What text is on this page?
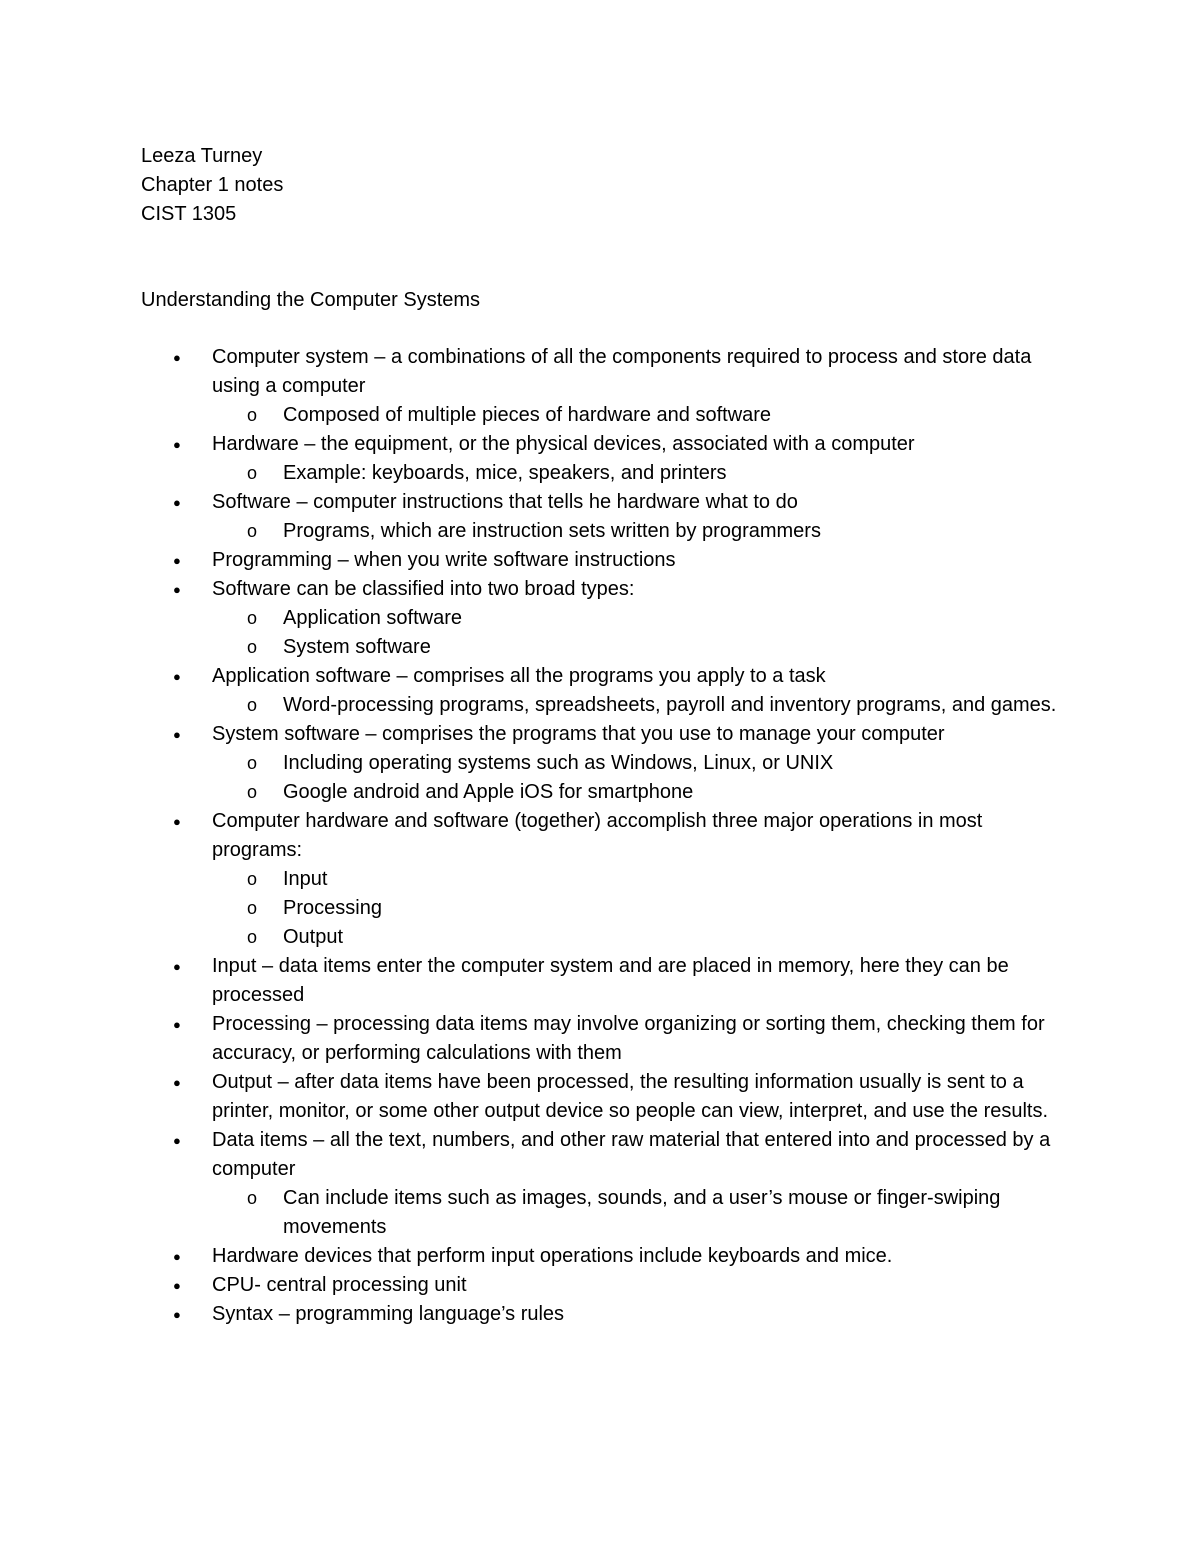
Leeza Turney
Chapter 1 notes
CIST 1305
Understanding the Computer Systems
● Computer system – a combinations of all the components required to process and store data using a computer
o Composed of multiple pieces of hardware and software
● Hardware – the equipment, or the physical devices, associated with a computer
o Example: keyboards, mice, speakers, and printers
● Software – computer instructions that tells he hardware what to do
o Programs, which are instruction sets written by programmers
● Programming – when you write software instructions
● Software can be classified into two broad types:
o Application software
o System software
● Application software – comprises all the programs you apply to a task
o Word-processing programs, spreadsheets, payroll and inventory programs, and games.
● System software – comprises the programs that you use to manage your computer
o Including operating systems such as Windows, Linux, or UNIX
o Google android and Apple iOS for smartphone
● Computer hardware and software (together) accomplish three major operations in most programs:
o Input
o Processing
o Output
● Input – data items enter the computer system and are placed in memory, here they can be processed
● Processing – processing data items may involve organizing or sorting them, checking them for accuracy, or performing calculations with them
● Output – after data items have been processed, the resulting information usually is sent to a printer, monitor, or some other output device so people can view, interpret, and use the results.
● Data items – all the text, numbers, and other raw material that entered into and processed by a computer
o Can include items such as images, sounds, and a user’s mouse or finger-swiping movements
● Hardware devices that perform input operations include keyboards and mice.
● CPU- central processing unit
● Syntax – programming language’s rules
